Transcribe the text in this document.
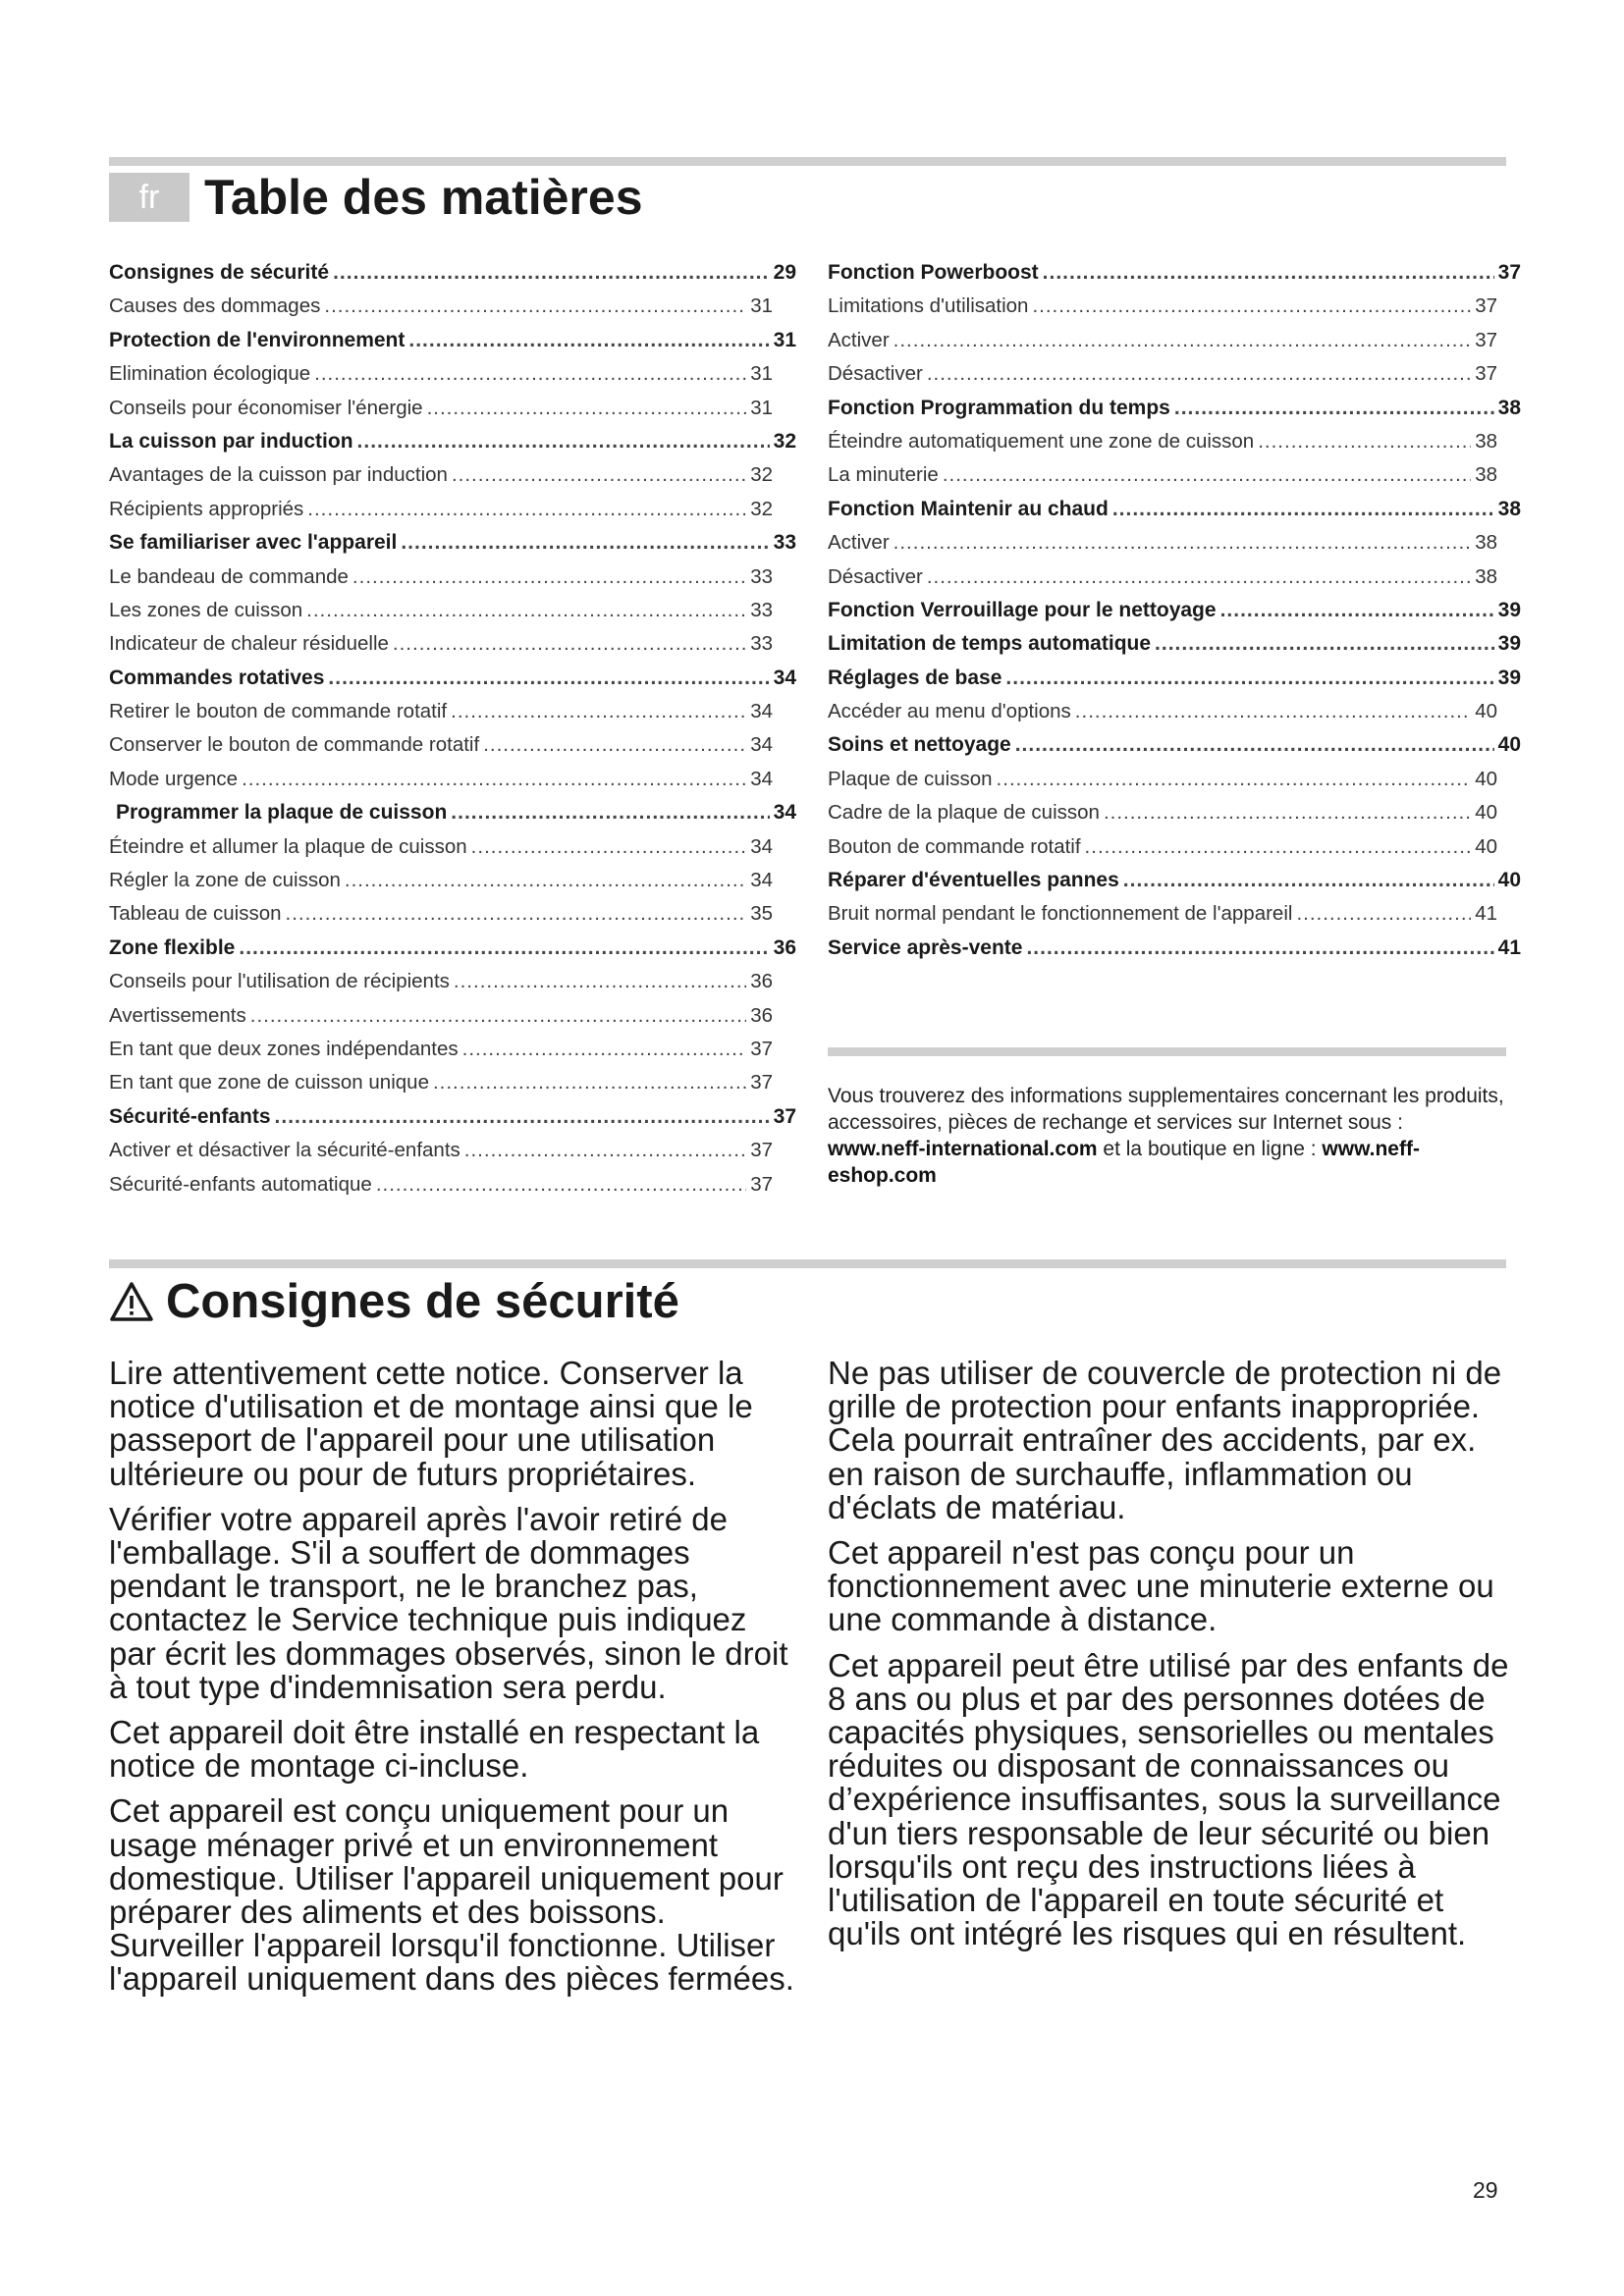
fr Table des matières
Consignes de sécurité .....	29
Causes des dommages .....	31
Protection de l'environnement .....	31
Elimination écologique .....	31
Conseils pour économiser l'énergie .....	31
La cuisson par induction .....	32
Avantages de la cuisson par induction .....	32
Récipients appropriés .....	32
Se familiariser avec l'appareil .....	33
Le bandeau de commande .....	33
Les zones de cuisson .....	33
Indicateur de chaleur résiduelle .....	33
Commandes rotatives .....	34
Retirer le bouton de commande rotatif .....	34
Conserver le bouton de commande rotatif .....	34
Mode urgence .....	34
Programmer la plaque de cuisson .....	34
Éteindre et allumer la plaque de cuisson .....	34
Régler la zone de cuisson .....	34
Tableau de cuisson .....	35
Zone flexible .....	36
Conseils pour l'utilisation de récipients .....	36
Avertissements .....	36
En tant que deux zones indépendantes .....	37
En tant que zone de cuisson unique .....	37
Sécurité-enfants .....	37
Activer et désactiver la sécurité-enfants .....	37
Sécurité-enfants automatique .....	37
Fonction Powerboost .....	37
Limitations d'utilisation .....	37
Activer .....	37
Désactiver .....	37
Fonction Programmation du temps .....	38
Éteindre automatiquement une zone de cuisson .....	38
La minuterie .....	38
Fonction Maintenir au chaud .....	38
Activer .....	38
Désactiver .....	38
Fonction Verrouillage pour le nettoyage .....	39
Limitation de temps automatique .....	39
Réglages de base .....	39
Accéder au menu d'options .....	40
Soins et nettoyage .....	40
Plaque de cuisson .....	40
Cadre de la plaque de cuisson .....	40
Bouton de commande rotatif .....	40
Réparer d'éventuelles pannes .....	40
Bruit normal pendant le fonctionnement de l'appareil .....	41
Service après-vente .....	41
Vous trouverez des informations supplementaires concernant les produits, accessoires, pièces de rechange et services sur Internet sous : www.neff-international.com et la boutique en ligne : www.neff-eshop.com
Consignes de sécurité

Lire attentivement cette notice. Conserver la notice d'utilisation et de montage ainsi que le passeport de l'appareil pour une utilisation ultérieure ou pour de futurs propriétaires.

Vérifier votre appareil après l'avoir retiré de l'emballage. S'il a souffert de dommages pendant le transport, ne le branchez pas, contactez le Service technique puis indiquez par écrit les dommages observés, sinon le droit à tout type d'indemnisation sera perdu.

Cet appareil doit être installé en respectant la notice de montage ci-incluse.

Cet appareil est conçu uniquement pour un usage ménager privé et un environnement domestique. Utiliser l'appareil uniquement pour préparer des aliments et des boissons. Surveiller l'appareil lorsqu'il fonctionne. Utiliser l'appareil uniquement dans des pièces fermées.

Ne pas utiliser de couvercle de protection ni de grille de protection pour enfants inappropriée. Cela pourrait entraîner des accidents, par ex. en raison de surchauffe, inflammation ou d'éclats de matériau.

Cet appareil n'est pas conçu pour un fonctionnement avec une minuterie externe ou une commande à distance.

Cet appareil peut être utilisé par des enfants de 8 ans ou plus et par des personnes dotées de capacités physiques, sensorielles ou mentales réduites ou disposant de connaissances ou d’expérience insuffisantes, sous la surveillance d'un tiers responsable de leur sécurité ou bien lorsqu'ils ont reçu des instructions liées à l'utilisation de l'appareil en toute sécurité et qu'ils ont intégré les risques qui en résultent.

29
